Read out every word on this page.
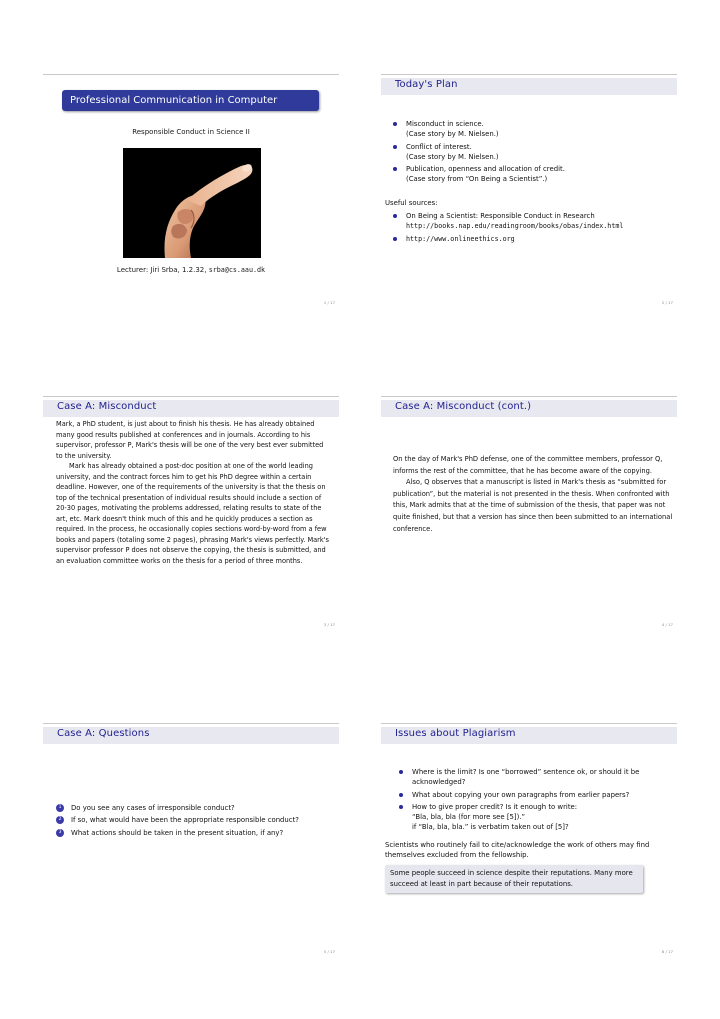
Professional Communication in Computer Science
Responsible Conduct in Science II
Lecturer: Jiri Srba, 1.2.32, srba@cs.aau.dk
1 / 17
Today's Plan
Misconduct in science.
(Case story by M. Nielsen.)
Conflict of interest.
(Case story by M. Nielsen.)
Publication, openness and allocation of credit.
(Case story from “On Being a Scientist”.)
Useful sources:
On Being a Scientist: Responsible Conduct in Research
http://books.nap.edu/readingroom/books/obas/index.html
http://www.onlineethics.org
2 / 17
Case A: Misconduct

Mark, a PhD student, is just about to finish his thesis. He has already obtained many good results published at conferences and in journals. According to his supervisor, professor P, Mark's thesis will be one of the very best ever submitted to the university.

Mark has already obtained a post-doc position at one of the world leading university, and the contract forces him to get his PhD degree within a certain deadline. However, one of the requirements of the university is that the thesis on top of the technical presentation of individual results should include a section of 20-30 pages, motivating the problems addressed, relating results to state of the art, etc. Mark doesn't think much of this and he quickly produces a section as required. In the process, he occasionally copies sections word-by-word from a few books and papers (totaling some 2 pages), phrasing Mark's views perfectly. Mark's supervisor professor P does not observe the copying, the thesis is submitted, and an evaluation committee works on the thesis for a period of three months.

3 / 17
Case A: Misconduct (cont.)

On the day of Mark's PhD defense, one of the committee members, professor Q, informs the rest of the committee, that he has become aware of the copying.

Also, Q observes that a manuscript is listed in Mark's thesis as “submitted for publication”, but the material is not presented in the thesis. When confronted with this, Mark admits that at the time of submission of the thesis, that paper was not quite finished, but that a version has since then been submitted to an international conference.

4 / 17
Case A: Questions
1	Do you see any cases of irresponsible conduct?
2	If so, what would have been the appropriate responsible conduct?
3	What actions should be taken in the present situation, if any?
5 / 17
Issues about Plagiarism
Where is the limit? Is one “borrowed” sentence ok, or should it be acknowledged?
What about copying your own paragraphs from earlier papers?
How to give proper credit? Is it enough to write:
“Bla, bla, bla (for more see [5]).”
if “Bla, bla, bla.” is verbatim taken out of [5]?

Scientists who routinely fail to cite/acknowledge the work of others may find themselves excluded from the fellowship.

Some people succeed in science despite their reputations. Many more succeed at least in part because of their reputations.
6 / 17
